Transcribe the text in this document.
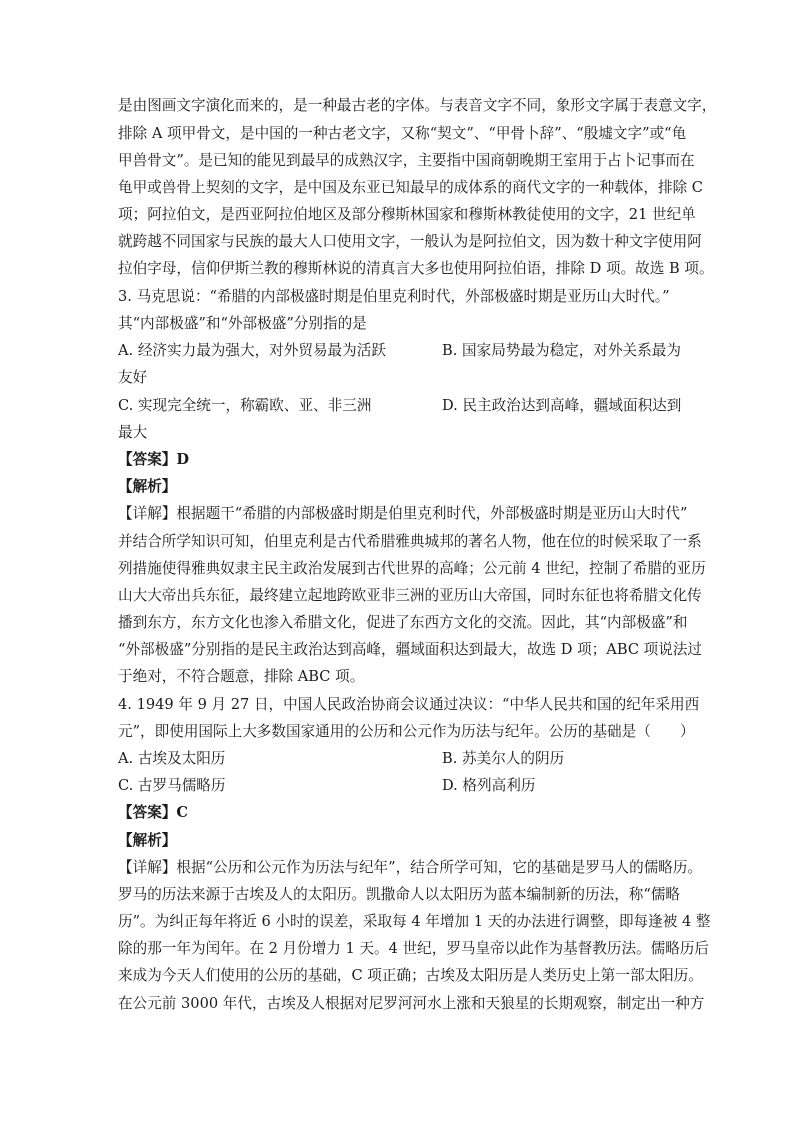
是由图画文字演化而来的，是一种最古老的字体。与表音文字不同，象形文字属于表意文字，
排除 A 项甲骨文，是中国的一种古老文字，又称“契文”、“甲骨卜辞”、“殷墟文字”或“龟
甲兽骨文”。是已知的能见到最早的成熟汉字，主要指中国商朝晚期王室用于占卜记事而在
龟甲或兽骨上契刻的文字，是中国及东亚已知最早的成体系的商代文字的一种载体，排除 C
项；阿拉伯文，是西亚阿拉伯地区及部分穆斯林国家和穆斯林教徒使用的文字，21 世纪单
就跨越不同国家与民族的最大人口使用文字，一般认为是阿拉伯文，因为数十种文字使用阿
拉伯字母，信仰伊斯兰教的穆斯林说的清真言大多也使用阿拉伯语，排除 D 项。故选 B 项。
3. 马克思说：“希腊的内部极盛时期是伯里克利时代，外部极盛时期是亚历山大时代。”
其“内部极盛”和“外部极盛”分别指的是
A. 经济实力最为强大，对外贸易最为活跃	B. 国家局势最为稳定，对外关系最为
友好
C. 实现完全统一，称霸欧、亚、非三洲	D. 民主政治达到高峰，疆域面积达到
最大
【答案】D
【解析】
【详解】根据题干“希腊的内部极盛时期是伯里克利时代，外部极盛时期是亚历山大时代”
并结合所学知识可知，伯里克利是古代希腊雅典城邦的著名人物，他在位的时候采取了一系
列措施使得雅典奴隶主民主政治发展到古代世界的高峰；公元前 4 世纪，控制了希腊的亚历
山大大帝出兵东征，最终建立起地跨欧亚非三洲的亚历山大帝国，同时东征也将希腊文化传
播到东方，东方文化也渗入希腊文化，促进了东西方文化的交流。因此，其“内部极盛”和
“外部极盛”分别指的是民主政治达到高峰，疆域面积达到最大，故选 D 项；ABC 项说法过
于绝对，不符合题意，排除 ABC 项。
4. 1949 年 9 月 27 日，中国人民政治协商会议通过决议：“中华人民共和国的纪年采用西
元”，即使用国际上大多数国家通用的公历和公元作为历法与纪年。公历的基础是（　　）
A. 古埃及太阳历	B. 苏美尔人的阴历
C. 古罗马儒略历	D. 格列高利历
【答案】C
【解析】
【详解】根据“公历和公元作为历法与纪年”，结合所学可知，它的基础是罗马人的儒略历。
罗马的历法来源于古埃及人的太阳历。凯撒命人以太阳历为蓝本编制新的历法，称“儒略
历”。为纠正每年将近 6 小时的误差，采取每 4 年增加 1 天的办法进行调整，即每逢被 4 整
除的那一年为闰年。在 2 月份增力 1 天。4 世纪，罗马皇帝以此作为基督教历法。儒略历后
来成为今天人们使用的公历的基础，C 项正确；古埃及太阳历是人类历史上第一部太阳历。
在公元前 3000 年代，古埃及人根据对尼罗河河水上涨和天狼星的长期观察，制定出一种方
